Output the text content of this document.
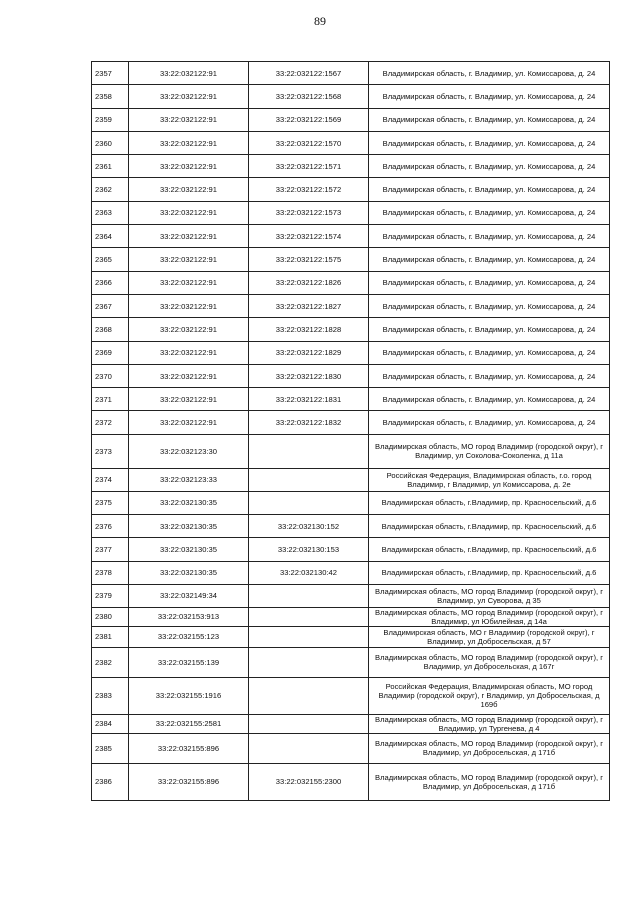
89
2357	33:22:032122:91	33:22:032122:1567	Владимирская область, г. Владимир, ул. Комиссарова, д. 24
2358	33:22:032122:91	33:22:032122:1568	Владимирская область, г. Владимир, ул. Комиссарова, д. 24
2359	33:22:032122:91	33:22:032122:1569	Владимирская область, г. Владимир, ул. Комиссарова, д. 24
2360	33:22:032122:91	33:22:032122:1570	Владимирская область, г. Владимир, ул. Комиссарова, д. 24
2361	33:22:032122:91	33:22:032122:1571	Владимирская область, г. Владимир, ул. Комиссарова, д. 24
2362	33:22:032122:91	33:22:032122:1572	Владимирская область, г. Владимир, ул. Комиссарова, д. 24
2363	33:22:032122:91	33:22:032122:1573	Владимирская область, г. Владимир, ул. Комиссарова, д. 24
2364	33:22:032122:91	33:22:032122:1574	Владимирская область, г. Владимир, ул. Комиссарова, д. 24
2365	33:22:032122:91	33:22:032122:1575	Владимирская область, г. Владимир, ул. Комиссарова, д. 24
2366	33:22:032122:91	33:22:032122:1826	Владимирская область, г. Владимир, ул. Комиссарова, д. 24
2367	33:22:032122:91	33:22:032122:1827	Владимирская область, г. Владимир, ул. Комиссарова, д. 24
2368	33:22:032122:91	33:22:032122:1828	Владимирская область, г. Владимир, ул. Комиссарова, д. 24
2369	33:22:032122:91	33:22:032122:1829	Владимирская область, г. Владимир, ул. Комиссарова, д. 24
2370	33:22:032122:91	33:22:032122:1830	Владимирская область, г. Владимир, ул. Комиссарова, д. 24
2371	33:22:032122:91	33:22:032122:1831	Владимирская область, г. Владимир, ул. Комиссарова, д. 24
2372	33:22:032122:91	33:22:032122:1832	Владимирская область, г. Владимир, ул. Комиссарова, д. 24
2373	33:22:032123:30		Владимирская область, МО город Владимир (городской округ), г Владимир, ул Соколова-Соколенка, д 11а
2374	33:22:032123:33		Российская Федерация, Владимирская область, г.о. город Владимир, г Владимир, ул Комиссарова, д. 2е
2375	33:22:032130:35		Владимирская область, г.Владимир, пр. Красносельский, д.6
2376	33:22:032130:35	33:22:032130:152	Владимирская область, г.Владимир, пр. Красносельский, д.6
2377	33:22:032130:35	33:22:032130:153	Владимирская область, г.Владимир, пр. Красносельский, д.6
2378	33:22:032130:35	33:22:032130:42	Владимирская область, г.Владимир, пр. Красносельский, д.6
2379	33:22:032149:34		Владимирская область, МО город Владимир (городской округ), г Владимир, ул Суворова, д 35
2380	33:22:032153:913		Владимирская область, МО город Владимир (городской округ), г Владимир, ул Юбилейная, д 14а
2381	33:22:032155:123		Владимирская область, МО г Владимир (городской округ), г Владимир, ул Добросельская, д 57
2382	33:22:032155:139		Владимирская область, МО город Владимир (городской округ), г Владимир, ул Добросельская, д 167г
2383	33:22:032155:1916		Российская Федерация, Владимирская область, МО город Владимир (городской округ), г Владимир, ул Добросельская, д 169б
2384	33:22:032155:2581		Владимирская область, МО город Владимир (городской округ), г Владимир, ул Тургенева, д 4
2385	33:22:032155:896		Владимирская область, МО город Владимир (городской округ), г Владимир, ул Добросельская, д 171б
2386	33:22:032155:896	33:22:032155:2300	Владимирская область, МО город Владимир (городской округ), г Владимир, ул Добросельская, д 171б
